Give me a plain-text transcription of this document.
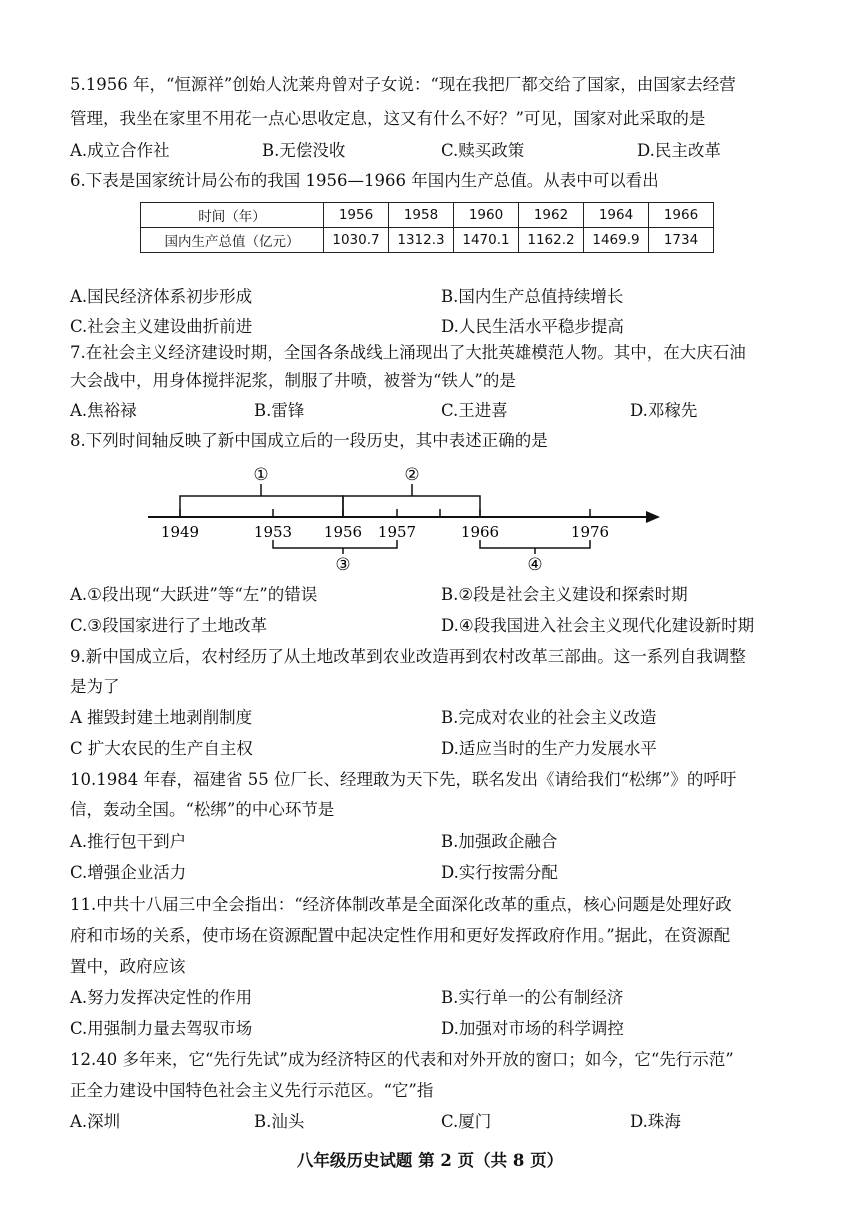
5.1956 年，“恒源祥”创始人沈莱舟曾对子女说：“现在我把厂都交给了国家，由国家去经营
管理，我坐在家里不用花一点心思收定息，这又有什么不好？”可见，国家对此采取的是
A.成立合作社	B.无偿没收	C.赎买政策	D.民主改革
6.下表是国家统计局公布的我国 1956—1966 年国内生产总值。从表中可以看出
时间（年）	1956	1958	1960	1962	1964	1966
国内生产总值（亿元）	1030.7	1312.3	1470.1	1162.2	1469.9	1734
A.国民经济体系初步形成	B.国内生产总值持续增长
C.社会主义建设曲折前进	D.人民生活水平稳步提高
7.在社会主义经济建设时期，全国各条战线上涌现出了大批英雄模范人物。其中，在大庆石油
大会战中，用身体搅拌泥浆，制服了井喷，被誉为“铁人”的是
A.焦裕禄	B.雷锋	C.王进喜	D.邓稼先
8.下列时间轴反映了新中国成立后的一段历史，其中表述正确的是
1949	1953 1956 1957	1966	1976
①	②
③	④
A.①段出现“大跃进”等“左”的错误	B.②段是社会主义建设和探索时期
C.③段国家进行了土地改革	D.④段我国进入社会主义现代化建设新时期
9.新中国成立后，农村经历了从土地改革到农业改造再到农村改革三部曲。这一系列自我调整
是为了
A 摧毁封建土地剥削制度	B.完成对农业的社会主义改造
C 扩大农民的生产自主权	D.适应当时的生产力发展水平
10.1984 年春，福建省 55 位厂长、经理敢为天下先，联名发出《请给我们“松绑”》的呼吁
信，轰动全国。“松绑”的中心环节是
A.推行包干到户	B.加强政企融合
C.增强企业活力	D.实行按需分配
11.中共十八届三中全会指出：“经济体制改革是全面深化改革的重点，核心问题是处理好政
府和市场的关系，使市场在资源配置中起决定性作用和更好发挥政府作用。”据此，在资源配
置中，政府应该
A.努力发挥决定性的作用	B.实行单一的公有制经济
C.用强制力量去驾驭市场	D.加强对市场的科学调控
12.40 多年来，它“先行先试”成为经济特区的代表和对外开放的窗口；如今，它“先行示范”
正全力建设中国特色社会主义先行示范区。“它”指
A.深圳	B.汕头	C.厦门	D.珠海
八年级历史试题 第 2 页（共 8 页）
